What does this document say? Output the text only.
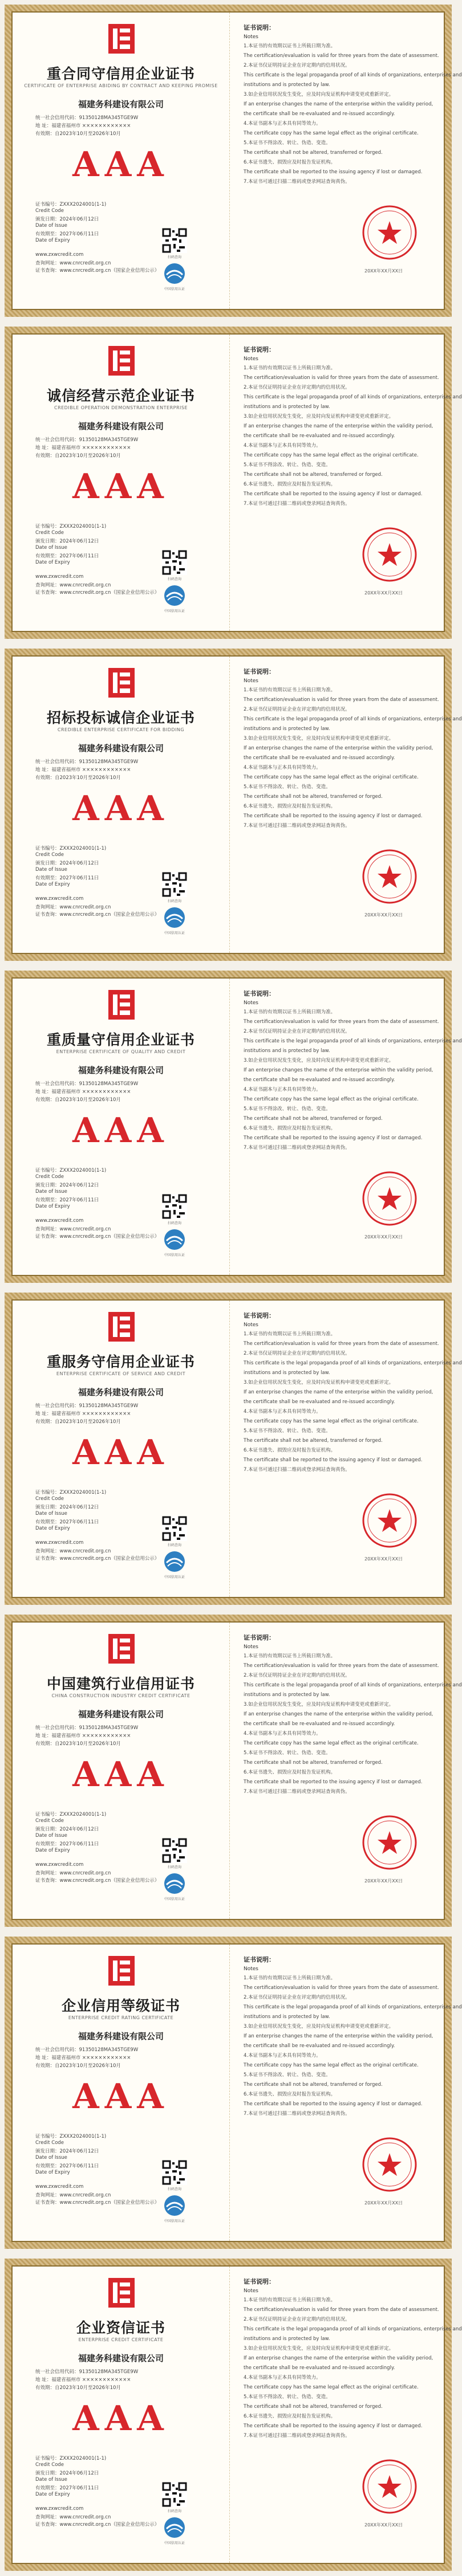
重合同守信用企业证书
CERTIFICATE OF ENTERPRISE ABIDING BY CONTRACT AND KEEPING PROMISE
福建务科建设有限公司
统一社会信用代码：91350128MA345TGE9W
地 址：福建省福州市 ××××××××××××
有效期：自2023年10月至2026年10月
AAA
证书编号：ZXXX2024001(1-1)
Credit Code
颁发日期：2024年06月12日
Date of Issue
有效期至：2027年06月11日
Date of Expiry
www.zxwcredit.com
查询网址：www.cnrcredit.org.cn
证书查询：www.cnrcredit.org.cn（国家企业信用公示）
扫码查询
中国信用认证
证书说明：
Notes
1.本证书的有效期以证书上所载日期为准。
The certification/evaluation is valid for three years from the date of assessment.
2.本证书仅证明持证企业在评定期内的信用状况。
This certificate is the legal propaganda proof of all kinds of organizations, enterprises and
institutions and is protected by law.
3.如企业信用状况发生变化，应及时向发证机构申请变更或重新评定。
If an enterprise changes the name of the enterprise within the validity period,
the certificate shall be re-evaluated and re-issued accordingly.
4.本证书副本与正本具有同等效力。
The certificate copy has the same legal effect as the original certificate.
5.本证书不得涂改、转让、伪造、变造。
The certificate shall not be altered, transferred or forged.
6.本证书遗失、损毁应及时报告发证机构。
The certificate shall be reported to the issuing agency if lost or damaged.
7.本证书可通过扫描二维码或登录网站查询真伪。
20XX年XX月XX日
诚信经营示范企业证书
CREDIBLE OPERATION DEMONSTRATION ENTERPRISE
福建务科建设有限公司
统一社会信用代码：91350128MA345TGE9W
地 址：福建省福州市 ××××××××××××
有效期：自2023年10月至2026年10月
AAA
证书编号：ZXXX2024001(1-1)
Credit Code
颁发日期：2024年06月12日
Date of Issue
有效期至：2027年06月11日
Date of Expiry
www.zxwcredit.com
查询网址：www.cnrcredit.org.cn
证书查询：www.cnrcredit.org.cn（国家企业信用公示）
扫码查询
中国信用认证
证书说明：
Notes
1.本证书的有效期以证书上所载日期为准。
The certification/evaluation is valid for three years from the date of assessment.
2.本证书仅证明持证企业在评定期内的信用状况。
This certificate is the legal propaganda proof of all kinds of organizations, enterprises and
institutions and is protected by law.
3.如企业信用状况发生变化，应及时向发证机构申请变更或重新评定。
If an enterprise changes the name of the enterprise within the validity period,
the certificate shall be re-evaluated and re-issued accordingly.
4.本证书副本与正本具有同等效力。
The certificate copy has the same legal effect as the original certificate.
5.本证书不得涂改、转让、伪造、变造。
The certificate shall not be altered, transferred or forged.
6.本证书遗失、损毁应及时报告发证机构。
The certificate shall be reported to the issuing agency if lost or damaged.
7.本证书可通过扫描二维码或登录网站查询真伪。
20XX年XX月XX日
招标投标诚信企业证书
CREDIBLE ENTERPRISE CERTIFICATE FOR BIDDING
福建务科建设有限公司
统一社会信用代码：91350128MA345TGE9W
地 址：福建省福州市 ××××××××××××
有效期：自2023年10月至2026年10月
AAA
证书编号：ZXXX2024001(1-1)
Credit Code
颁发日期：2024年06月12日
Date of Issue
有效期至：2027年06月11日
Date of Expiry
www.zxwcredit.com
查询网址：www.cnrcredit.org.cn
证书查询：www.cnrcredit.org.cn（国家企业信用公示）
扫码查询
中国信用认证
证书说明：
Notes
1.本证书的有效期以证书上所载日期为准。
The certification/evaluation is valid for three years from the date of assessment.
2.本证书仅证明持证企业在评定期内的信用状况。
This certificate is the legal propaganda proof of all kinds of organizations, enterprises and
institutions and is protected by law.
3.如企业信用状况发生变化，应及时向发证机构申请变更或重新评定。
If an enterprise changes the name of the enterprise within the validity period,
the certificate shall be re-evaluated and re-issued accordingly.
4.本证书副本与正本具有同等效力。
The certificate copy has the same legal effect as the original certificate.
5.本证书不得涂改、转让、伪造、变造。
The certificate shall not be altered, transferred or forged.
6.本证书遗失、损毁应及时报告发证机构。
The certificate shall be reported to the issuing agency if lost or damaged.
7.本证书可通过扫描二维码或登录网站查询真伪。
20XX年XX月XX日
重质量守信用企业证书
ENTERPRISE CERTIFICATE OF QUALITY AND CREDIT
福建务科建设有限公司
统一社会信用代码：91350128MA345TGE9W
地 址：福建省福州市 ××××××××××××
有效期：自2023年10月至2026年10月
AAA
证书编号：ZXXX2024001(1-1)
Credit Code
颁发日期：2024年06月12日
Date of Issue
有效期至：2027年06月11日
Date of Expiry
www.zxwcredit.com
查询网址：www.cnrcredit.org.cn
证书查询：www.cnrcredit.org.cn（国家企业信用公示）
扫码查询
中国信用认证
证书说明：
Notes
1.本证书的有效期以证书上所载日期为准。
The certification/evaluation is valid for three years from the date of assessment.
2.本证书仅证明持证企业在评定期内的信用状况。
This certificate is the legal propaganda proof of all kinds of organizations, enterprises and
institutions and is protected by law.
3.如企业信用状况发生变化，应及时向发证机构申请变更或重新评定。
If an enterprise changes the name of the enterprise within the validity period,
the certificate shall be re-evaluated and re-issued accordingly.
4.本证书副本与正本具有同等效力。
The certificate copy has the same legal effect as the original certificate.
5.本证书不得涂改、转让、伪造、变造。
The certificate shall not be altered, transferred or forged.
6.本证书遗失、损毁应及时报告发证机构。
The certificate shall be reported to the issuing agency if lost or damaged.
7.本证书可通过扫描二维码或登录网站查询真伪。
20XX年XX月XX日
重服务守信用企业证书
ENTERPRISE CERTIFICATE OF SERVICE AND CREDIT
福建务科建设有限公司
统一社会信用代码：91350128MA345TGE9W
地 址：福建省福州市 ××××××××××××
有效期：自2023年10月至2026年10月
AAA
证书编号：ZXXX2024001(1-1)
Credit Code
颁发日期：2024年06月12日
Date of Issue
有效期至：2027年06月11日
Date of Expiry
www.zxwcredit.com
查询网址：www.cnrcredit.org.cn
证书查询：www.cnrcredit.org.cn（国家企业信用公示）
扫码查询
中国信用认证
证书说明：
Notes
1.本证书的有效期以证书上所载日期为准。
The certification/evaluation is valid for three years from the date of assessment.
2.本证书仅证明持证企业在评定期内的信用状况。
This certificate is the legal propaganda proof of all kinds of organizations, enterprises and
institutions and is protected by law.
3.如企业信用状况发生变化，应及时向发证机构申请变更或重新评定。
If an enterprise changes the name of the enterprise within the validity period,
the certificate shall be re-evaluated and re-issued accordingly.
4.本证书副本与正本具有同等效力。
The certificate copy has the same legal effect as the original certificate.
5.本证书不得涂改、转让、伪造、变造。
The certificate shall not be altered, transferred or forged.
6.本证书遗失、损毁应及时报告发证机构。
The certificate shall be reported to the issuing agency if lost or damaged.
7.本证书可通过扫描二维码或登录网站查询真伪。
20XX年XX月XX日
中国建筑行业信用证书
CHINA CONSTRUCTION INDUSTRY CREDIT CERTIFICATE
福建务科建设有限公司
统一社会信用代码：91350128MA345TGE9W
地 址：福建省福州市 ××××××××××××
有效期：自2023年10月至2026年10月
AAA
证书编号：ZXXX2024001(1-1)
Credit Code
颁发日期：2024年06月12日
Date of Issue
有效期至：2027年06月11日
Date of Expiry
www.zxwcredit.com
查询网址：www.cnrcredit.org.cn
证书查询：www.cnrcredit.org.cn（国家企业信用公示）
扫码查询
中国信用认证
证书说明：
Notes
1.本证书的有效期以证书上所载日期为准。
The certification/evaluation is valid for three years from the date of assessment.
2.本证书仅证明持证企业在评定期内的信用状况。
This certificate is the legal propaganda proof of all kinds of organizations, enterprises and
institutions and is protected by law.
3.如企业信用状况发生变化，应及时向发证机构申请变更或重新评定。
If an enterprise changes the name of the enterprise within the validity period,
the certificate shall be re-evaluated and re-issued accordingly.
4.本证书副本与正本具有同等效力。
The certificate copy has the same legal effect as the original certificate.
5.本证书不得涂改、转让、伪造、变造。
The certificate shall not be altered, transferred or forged.
6.本证书遗失、损毁应及时报告发证机构。
The certificate shall be reported to the issuing agency if lost or damaged.
7.本证书可通过扫描二维码或登录网站查询真伪。
20XX年XX月XX日
企业信用等级证书
ENTERPRISE CREDIT RATING CERTIFICATE
福建务科建设有限公司
统一社会信用代码：91350128MA345TGE9W
地 址：福建省福州市 ××××××××××××
有效期：自2023年10月至2026年10月
AAA
证书编号：ZXXX2024001(1-1)
Credit Code
颁发日期：2024年06月12日
Date of Issue
有效期至：2027年06月11日
Date of Expiry
www.zxwcredit.com
查询网址：www.cnrcredit.org.cn
证书查询：www.cnrcredit.org.cn（国家企业信用公示）
扫码查询
中国信用认证
证书说明：
Notes
1.本证书的有效期以证书上所载日期为准。
The certification/evaluation is valid for three years from the date of assessment.
2.本证书仅证明持证企业在评定期内的信用状况。
This certificate is the legal propaganda proof of all kinds of organizations, enterprises and
institutions and is protected by law.
3.如企业信用状况发生变化，应及时向发证机构申请变更或重新评定。
If an enterprise changes the name of the enterprise within the validity period,
the certificate shall be re-evaluated and re-issued accordingly.
4.本证书副本与正本具有同等效力。
The certificate copy has the same legal effect as the original certificate.
5.本证书不得涂改、转让、伪造、变造。
The certificate shall not be altered, transferred or forged.
6.本证书遗失、损毁应及时报告发证机构。
The certificate shall be reported to the issuing agency if lost or damaged.
7.本证书可通过扫描二维码或登录网站查询真伪。
20XX年XX月XX日
企业资信证书
ENTERPRISE CREDIT CERTIFICATE
福建务科建设有限公司
统一社会信用代码：91350128MA345TGE9W
地 址：福建省福州市 ××××××××××××
有效期：自2023年10月至2026年10月
AAA
证书编号：ZXXX2024001(1-1)
Credit Code
颁发日期：2024年06月12日
Date of Issue
有效期至：2027年06月11日
Date of Expiry
www.zxwcredit.com
查询网址：www.cnrcredit.org.cn
证书查询：www.cnrcredit.org.cn（国家企业信用公示）
扫码查询
中国信用认证
证书说明：
Notes
1.本证书的有效期以证书上所载日期为准。
The certification/evaluation is valid for three years from the date of assessment.
2.本证书仅证明持证企业在评定期内的信用状况。
This certificate is the legal propaganda proof of all kinds of organizations, enterprises and
institutions and is protected by law.
3.如企业信用状况发生变化，应及时向发证机构申请变更或重新评定。
If an enterprise changes the name of the enterprise within the validity period,
the certificate shall be re-evaluated and re-issued accordingly.
4.本证书副本与正本具有同等效力。
The certificate copy has the same legal effect as the original certificate.
5.本证书不得涂改、转让、伪造、变造。
The certificate shall not be altered, transferred or forged.
6.本证书遗失、损毁应及时报告发证机构。
The certificate shall be reported to the issuing agency if lost or damaged.
7.本证书可通过扫描二维码或登录网站查询真伪。
20XX年XX月XX日
